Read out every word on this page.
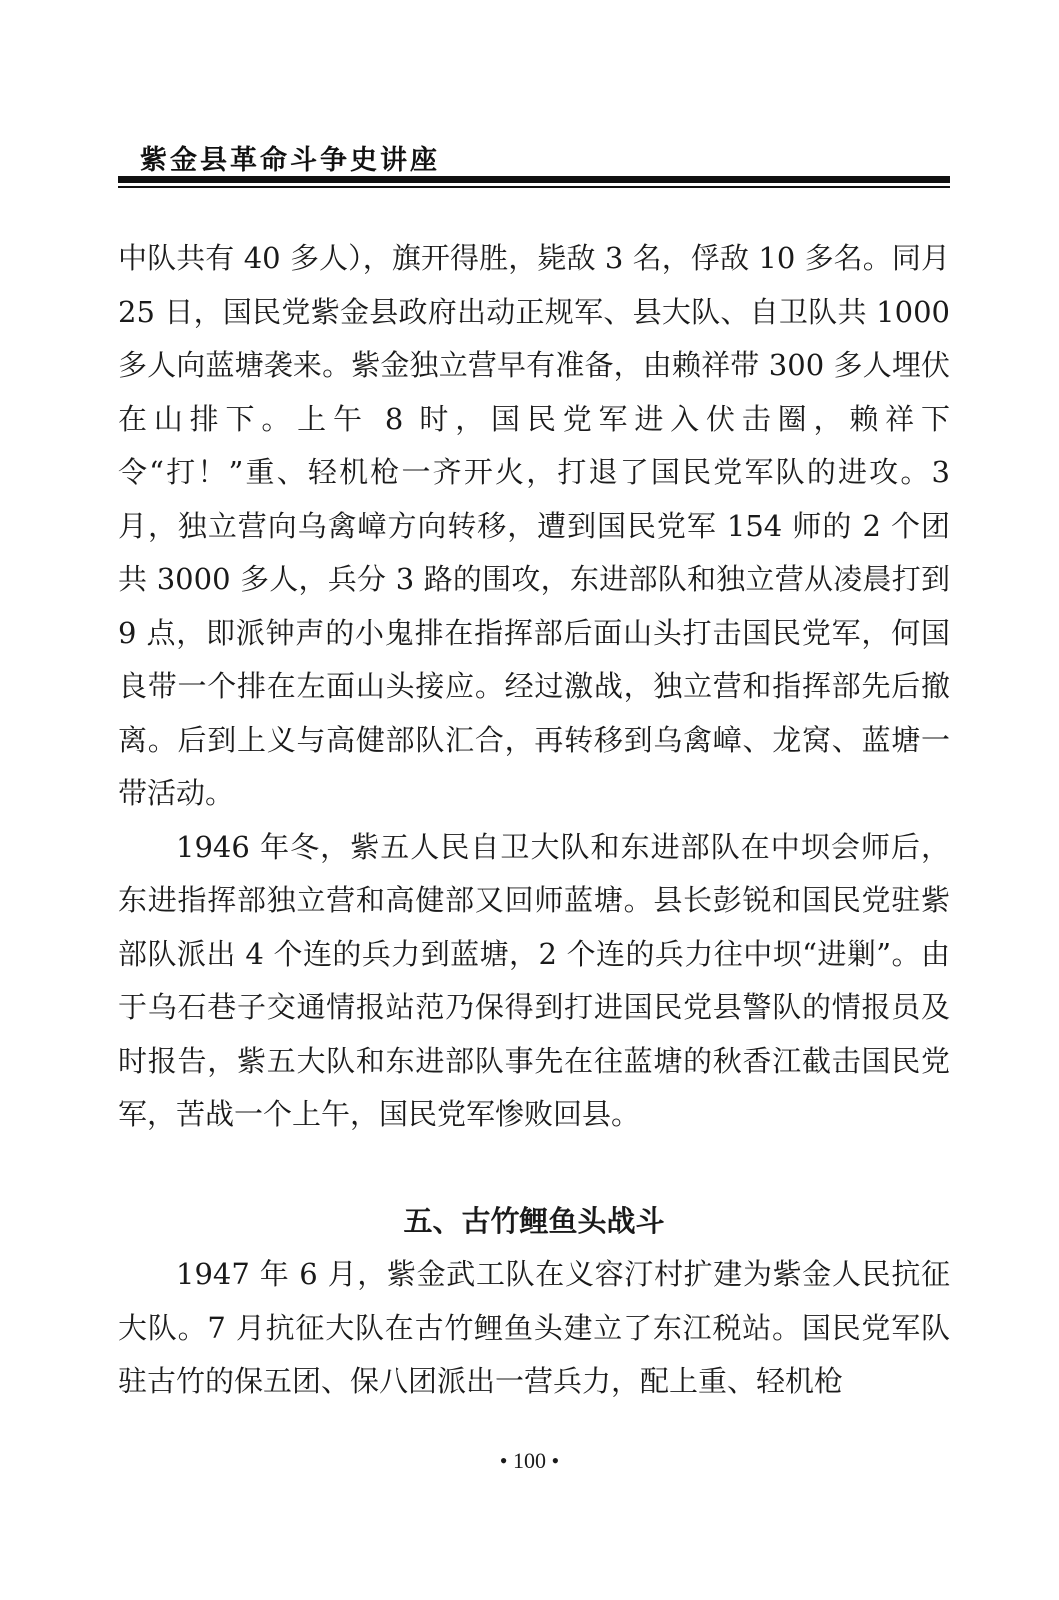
紫金县革命斗争史讲座

中队共有 40 多人），旗开得胜，毙敌 3 名，俘敌 10 多名。同月 25 日，国民党紫金县政府出动正规军、县大队、自卫队共 1000 多人向蓝塘袭来。紫金独立营早有准备，由赖祥带 300 多人埋伏在山排下。上午 8 时，国民党军进入伏击圈，赖祥下令“打！”重、轻机枪一齐开火，打退了国民党军队的进攻。3 月，独立营向乌禽嶂方向转移，遭到国民党军 154 师的 2 个团共 3000 多人，兵分 3 路的围攻，东进部队和独立营从凌晨打到 9 点，即派钟声的小鬼排在指挥部后面山头打击国民党军，何国良带一个排在左面山头接应。经过激战，独立营和指挥部先后撤离。后到上义与高健部队汇合，再转移到乌禽嶂、龙窝、蓝塘一带活动。

1946 年冬，紫五人民自卫大队和东进部队在中坝会师后，东进指挥部独立营和高健部又回师蓝塘。县长彭锐和国民党驻紫部队派出 4 个连的兵力到蓝塘，2 个连的兵力往中坝“进剿”。由于乌石巷子交通情报站范乃保得到打进国民党县警队的情报员及时报告，紫五大队和东进部队事先在往蓝塘的秋香江截击国民党军，苦战一个上午，国民党军惨败回县。

五、古竹鲤鱼头战斗

1947 年 6 月，紫金武工队在义容汀村扩建为紫金人民抗征大队。7 月抗征大队在古竹鲤鱼头建立了东江税站。国民党军队驻古竹的保五团、保八团派出一营兵力，配上重、轻机枪

• 100 •
